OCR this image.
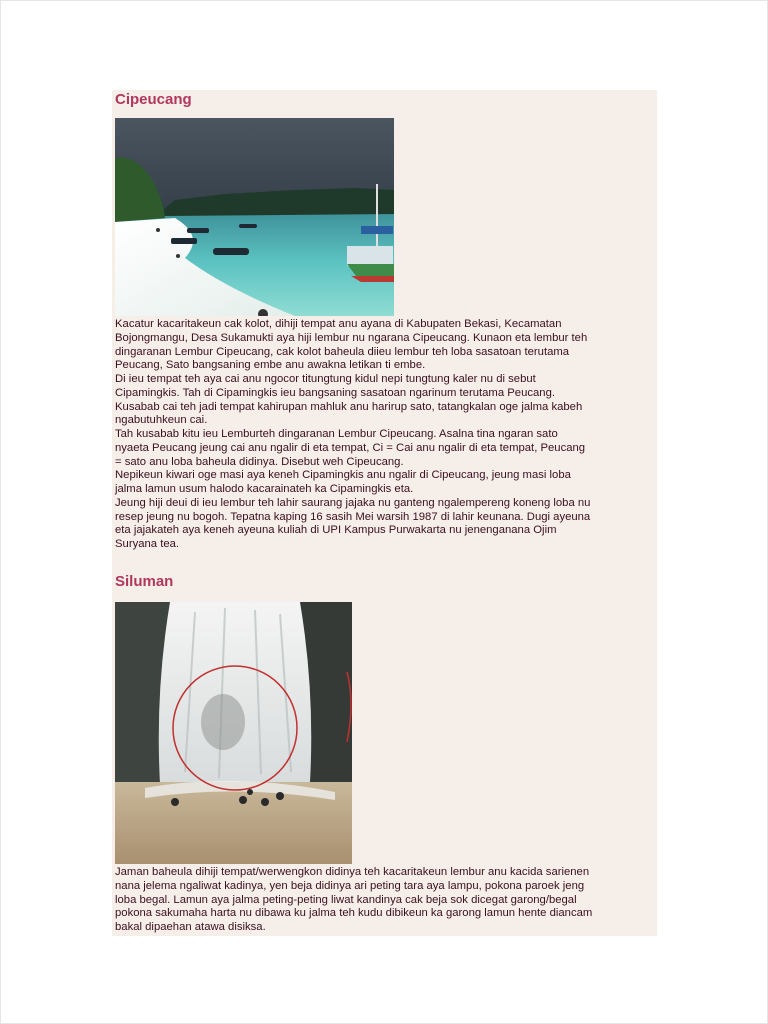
Cipeucang

Kacatur kacaritakeun cak kolot, dihiji tempat anu ayana di Kabupaten Bekasi, Kecamatan
Bojongmangu, Desa Sukamukti aya hiji lembur nu ngarana Cipeucang. Kunaon eta lembur teh
dingaranan Lembur Cipeucang, cak kolot baheula diieu lembur teh loba sasatoan terutama
Peucang, Sato bangsaning embe anu awakna letikan ti embe.
Di ieu tempat teh aya cai anu ngocor titungtung kidul nepi tungtung kaler nu di sebut
Cipamingkis. Tah di Cipamingkis ieu bangsaning sasatoan ngarinum terutama Peucang.
Kusabab cai teh jadi tempat kahirupan mahluk anu harirup sato, tatangkalan oge jalma kabeh
ngabutuhkeun cai.
Tah kusabab kitu ieu Lemburteh dingaranan Lembur Cipeucang. Asalna tina ngaran sato
nyaeta Peucang jeung cai anu ngalir di eta tempat, Ci = Cai anu ngalir di eta tempat, Peucang
= sato anu loba baheula didinya. Disebut weh Cipeucang.
Nepikeun kiwari oge masi aya keneh Cipamingkis anu ngalir di Cipeucang, jeung masi loba
jalma lamun usum halodo kacarainateh ka Cipamingkis eta.
Jeung hiji deui di ieu lembur teh lahir saurang jajaka nu ganteng ngalempereng koneng loba nu
resep jeung nu bogoh. Tepatna kaping 16 sasih Mei warsih 1987 di lahir keunana. Dugi ayeuna
eta jajakateh aya keneh ayeuna kuliah di UPI Kampus Purwakarta nu jenenganana Ojim
Suryana tea.

Siluman

Jaman baheula dihiji tempat/werwengkon didinya teh kacaritakeun lembur anu kacida sarienen
nana jelema ngaliwat kadinya, yen beja didinya ari peting tara aya lampu, pokona paroek jeng
loba begal. Lamun aya jalma peting-peting liwat kandinya cak beja sok dicegat garong/begal
pokona sakumaha harta nu dibawa ku jalma teh kudu dibikeun ka garong lamun hente diancam
bakal dipaehan atawa disiksa.
